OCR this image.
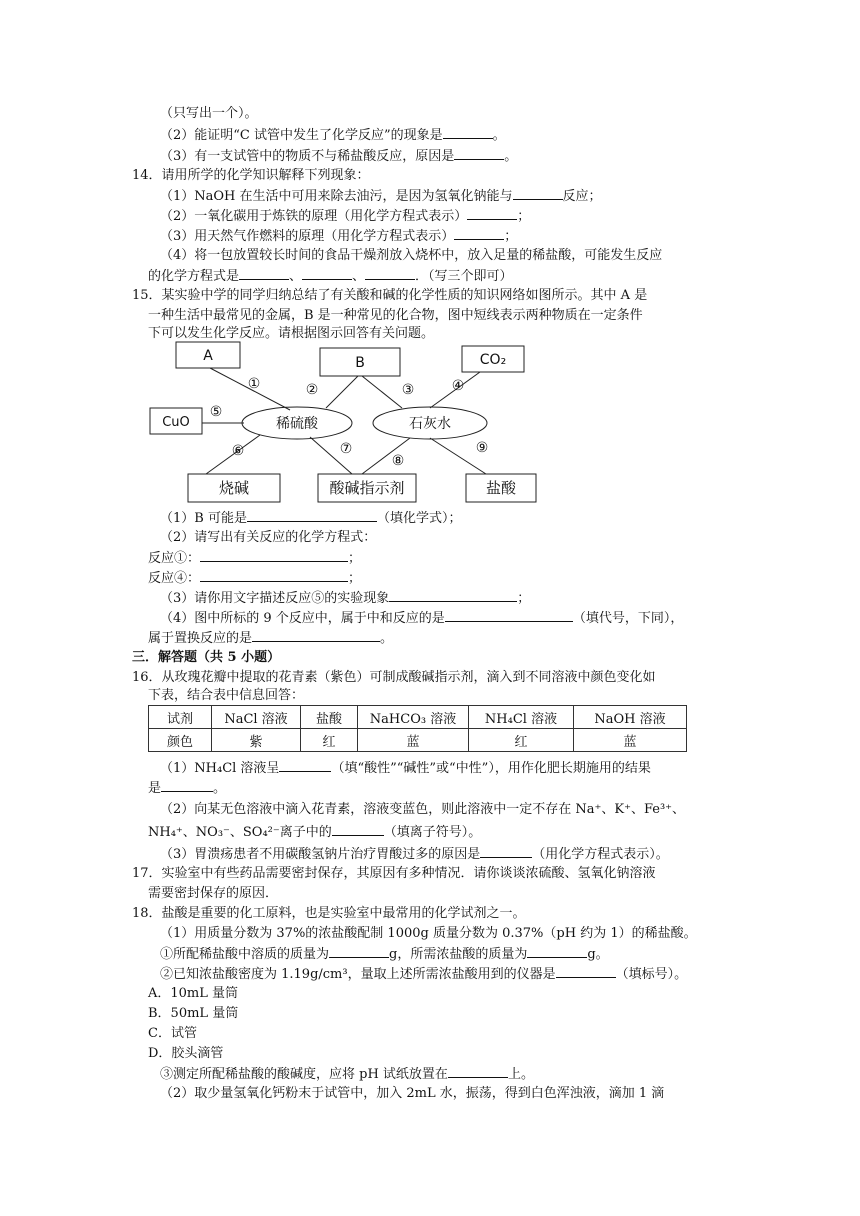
（只写出一个）。
（2）能证明“C 试管中发生了化学反应”的现象是	。
（3）有一支试管中的物质不与稀盐酸反应，原因是	。
14．请用所学的化学知识解释下列现象：
（1）NaOH 在生活中可用来除去油污，是因为氢氧化钠能与	反应；
（2）一氧化碳用于炼铁的原理（用化学方程式表示）	；
（3）用天然气作燃料的原理（用化学方程式表示）	；
（4）将一包放置较长时间的食品干燥剂放入烧杯中，放入足量的稀盐酸，可能发生反应
的化学方程式是	、	、	．（写三个即可）
15．某实验中学的同学归纳总结了有关酸和碱的化学性质的知识网络如图所示。其中 A 是
一种生活中最常见的金属，B 是一种常见的化合物，图中短线表示两种物质在一定条件
下可以发生化学反应。请根据图示回答有关问题。
A	B	CO₂
CuO	稀硫酸	石灰水
烧碱	酸碱指示剂	盐酸
①	②	③	④
⑤
⑥	⑦
⑧
⑨
（1）B 可能是	（填化学式）；
（2）请写出有关反应的化学方程式：
反应①：	；
反应④：	；
（3）请你用文字描述反应⑤的实验现象	；
（4）图中所标的 9 个反应中，属于中和反应的是	（填代号，下同），
属于置换反应的是	。
三．解答题（共 5 小题）
16．从玫瑰花瓣中提取的花青素（紫色）可制成酸碱指示剂，滴入到不同溶液中颜色变化如
下表，结合表中信息回答：
试剂	NaCl 溶液	盐酸	NaHCO₃ 溶液	NH₄Cl 溶液	NaOH 溶液
颜色	紫	红	蓝	红	蓝
（1）NH₄Cl 溶液呈	（填“酸性”“碱性”或“中性”），用作化肥长期施用的结果
是	。
（2）向某无色溶液中滴入花青素，溶液变蓝色，则此溶液中一定不存在 Na⁺、K⁺、Fe³⁺、
NH₄⁺、NO₃⁻、SO₄²⁻离子中的	（填离子符号）。
（3）胃溃疡患者不用碳酸氢钠片治疗胃酸过多的原因是	（用化学方程式表示）。
17．实验室中有些药品需要密封保存，其原因有多种情况．请你谈谈浓硫酸、氢氧化钠溶液
需要密封保存的原因．
18．盐酸是重要的化工原料，也是实验室中最常用的化学试剂之一。
（1）用质量分数为 37%的浓盐酸配制 1000g 质量分数为 0.37%（pH 约为 1）的稀盐酸。
①所配稀盐酸中溶质的质量为	g，所需浓盐酸的质量为	g。
②已知浓盐酸密度为 1.19g/cm³，量取上述所需浓盐酸用到的仪器是	（填标号）。
A．10mL 量筒
B．50mL 量筒
C．试管
D．胶头滴管
③测定所配稀盐酸的酸碱度，应将 pH 试纸放置在	上。
（2）取少量氢氧化钙粉末于试管中，加入 2mL 水，振荡，得到白色浑浊液，滴加 1 滴
